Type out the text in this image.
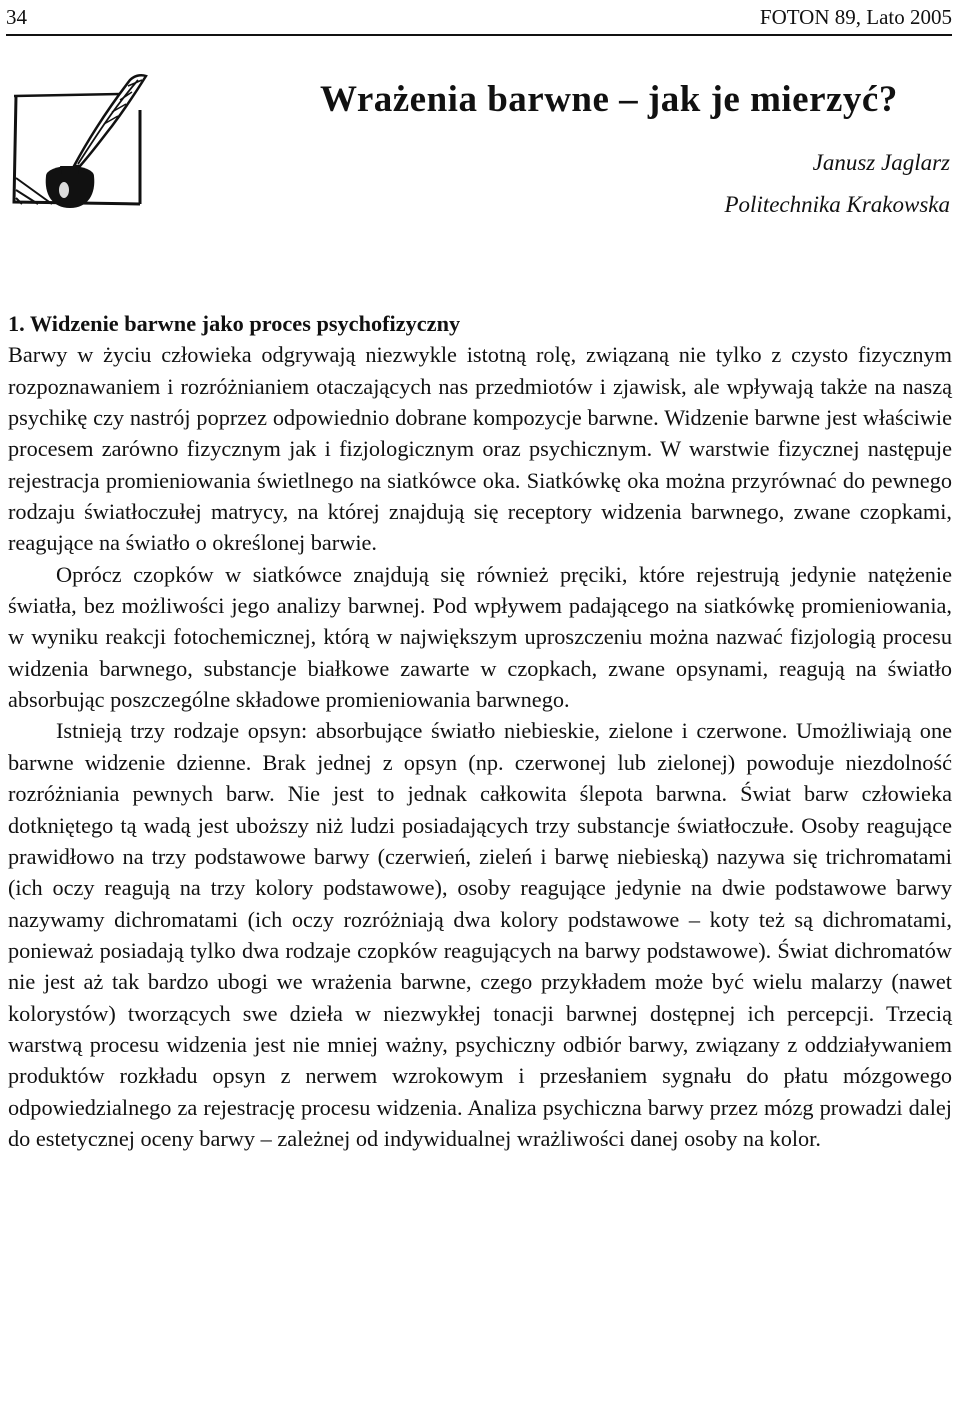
34	FOTON 89, Lato 2005
Wrażenia barwne – jak je mierzyć?
Janusz Jaglarz
Politechnika Krakowska
1. Widzenie barwne jako proces psychofizyczny

Barwy w życiu człowieka odgrywają niezwykle istotną rolę, związaną nie tylko z czysto fizycznym rozpoznawaniem i rozróżnianiem otaczających nas przedmiotów i zjawisk, ale wpływają także na naszą psychikę czy nastrój poprzez odpowiednio dobrane kompozycje barwne. Widzenie barwne jest właściwie procesem zarówno fizycznym jak i fizjologicznym oraz psychicznym. W warstwie fizycznej następuje rejestracja promieniowania świetlnego na siatkówce oka. Siatkówkę oka można przyrównać do pewnego rodzaju światłoczułej matrycy, na której znajdują się receptory widzenia barwnego, zwane czopkami, reagujące na światło o określonej barwie.

Oprócz czopków w siatkówce znajdują się również pręciki, które rejestrują jedynie natężenie światła, bez możliwości jego analizy barwnej. Pod wpływem padającego na siatkówkę promieniowania, w wyniku reakcji fotochemicznej, którą w największym uproszczeniu można nazwać fizjologią procesu widzenia barwnego, substancje białkowe zawarte w czopkach, zwane opsynami, reagują na światło absorbując poszczególne składowe promieniowania barwnego.

Istnieją trzy rodzaje opsyn: absorbujące światło niebieskie, zielone i czerwone. Umożliwiają one barwne widzenie dzienne. Brak jednej z opsyn (np. czerwonej lub zielonej) powoduje niezdolność rozróżniania pewnych barw. Nie jest to jednak całkowita ślepota barwna. Świat barw człowieka dotkniętego tą wadą jest uboższy niż ludzi posiadających trzy substancje światłoczułe. Osoby reagujące prawidłowo na trzy podstawowe barwy (czerwień, zieleń i barwę niebieską) nazywa się trichromatami (ich oczy reagują na trzy kolory podstawowe), osoby reagujące jedynie na dwie podstawowe barwy nazywamy dichromatami (ich oczy rozróżniają dwa kolory podstawowe – koty też są dichromatami, ponieważ posiadają tylko dwa rodzaje czopków reagujących na barwy podstawowe). Świat dichromatów nie jest aż tak bardzo ubogi we wrażenia barwne, czego przykładem może być wielu malarzy (nawet kolorystów) tworzących swe dzieła w niezwykłej tonacji barwnej dostępnej ich percepcji. Trzecią warstwą procesu widzenia jest nie mniej ważny, psychiczny odbiór barwy, związany z oddziaływaniem produktów rozkładu opsyn z nerwem wzrokowym i przesłaniem sygnału do płatu mózgowego odpowiedzialnego za rejestrację procesu widzenia. Analiza psychiczna barwy przez mózg prowadzi dalej do estetycznej oceny barwy – zależnej od indywidualnej wrażliwości danej osoby na kolor.
